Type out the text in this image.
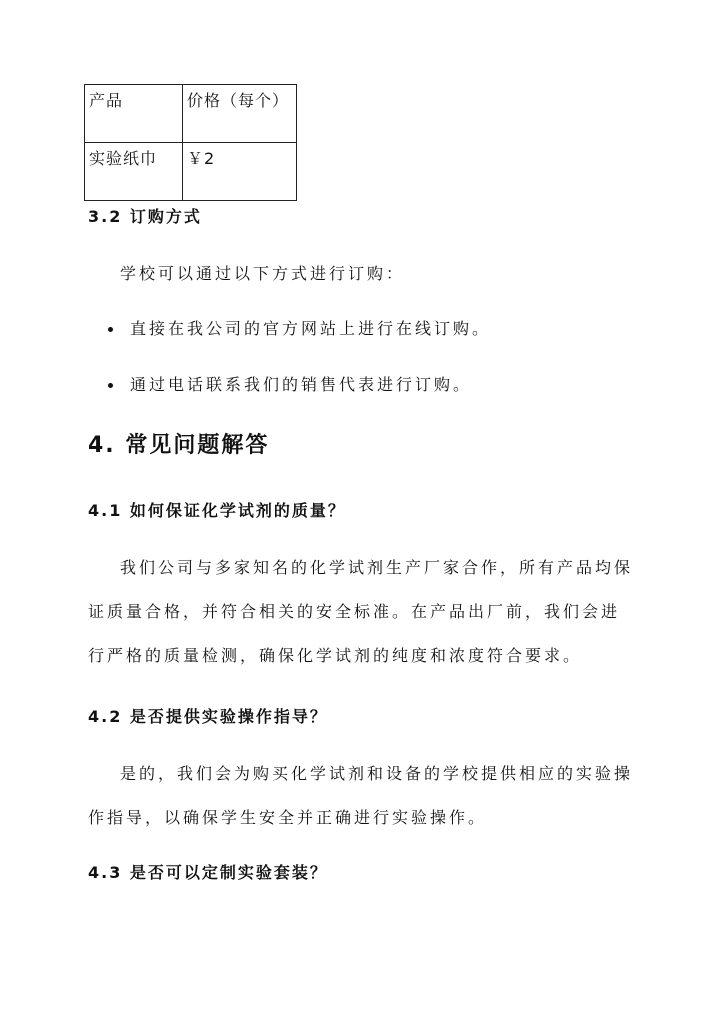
产品	价格（每个）
实验纸巾	￥2
3.2 订购方式

学校可以通过以下方式进行订购：

直接在我公司的官方网站上进行在线订购。
通过电话联系我们的销售代表进行订购。
4. 常见问题解答
4.1 如何保证化学试剂的质量？

我们公司与多家知名的化学试剂生产厂家合作，所有产品均保证质量合格，并符合相关的安全标准。在产品出厂前，我们会进行严格的质量检测，确保化学试剂的纯度和浓度符合要求。

4.2 是否提供实验操作指导？

是的，我们会为购买化学试剂和设备的学校提供相应的实验操作指导，以确保学生安全并正确进行实验操作。

4.3 是否可以定制实验套装？
